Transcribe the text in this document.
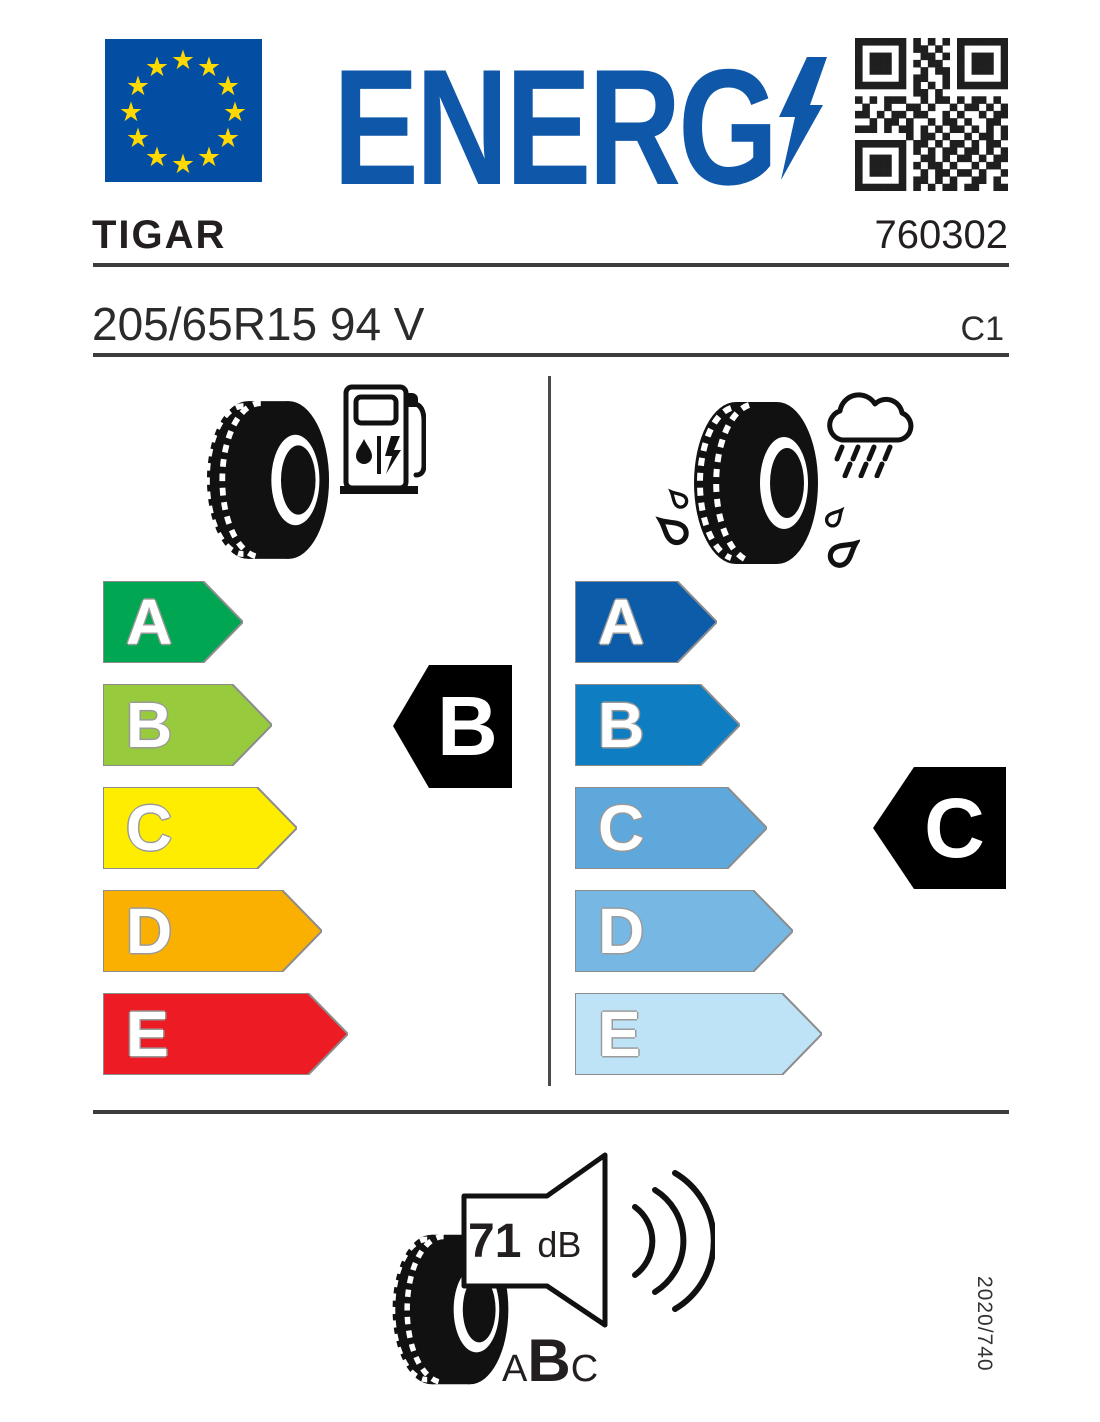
★ ★
★
★
★
★
★
★
★
★
★
★ ENERG
TIGAR	760302
205/65R15 94 V	C1
A
B
C
D
E
B
A
B
C
D
E
C
71 dB
ABC	2020/740
